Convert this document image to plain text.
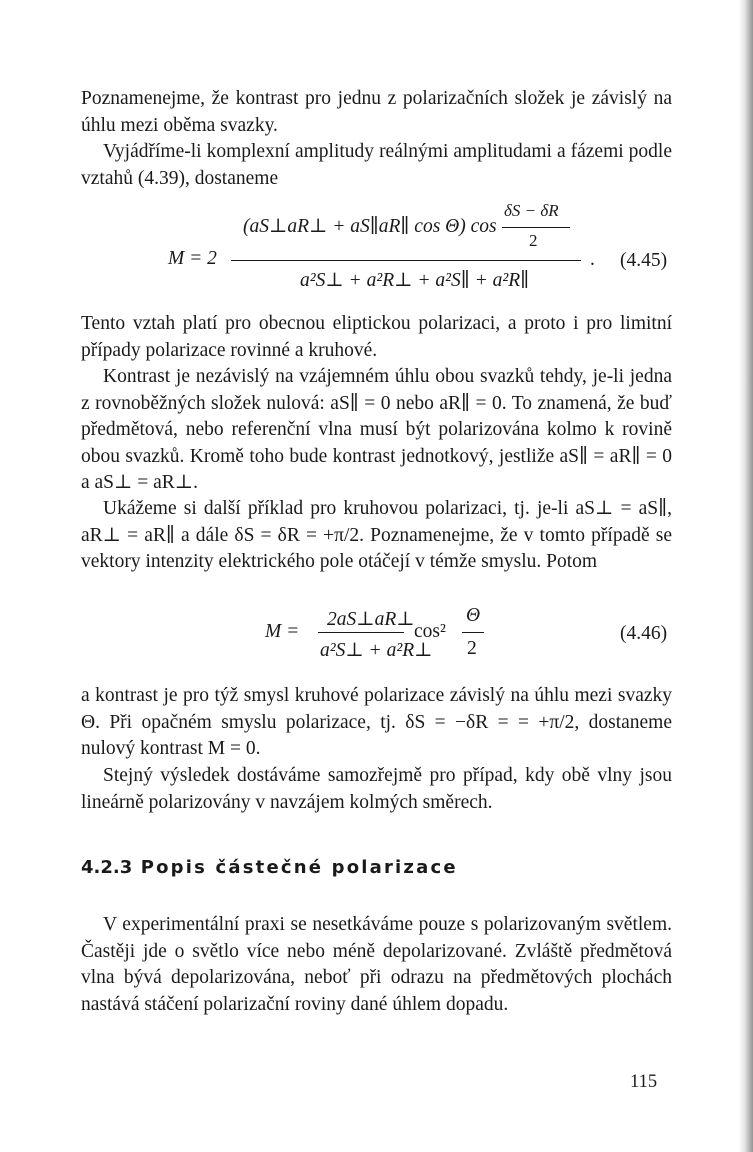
Poznamenejme, že kontrast pro jednu z polarizačních složek je závislý na úhlu mezi oběma svazky.

Vyjádříme-li komplexní amplitudy reálnými amplitudami a fázemi podle vztahů (4.39), dostaneme

M = 2
(aS⊥aR⊥ + aS∥aR∥ cos Θ) cos
δS − δR
2
a²S⊥ + a²R⊥ + a²S∥ + a²R∥
. (4.45)

Tento vztah platí pro obecnou eliptickou polarizaci, a proto i pro limitní případy polarizace rovinné a kruhové.

Kontrast je nezávislý na vzájemném úhlu obou svazků tehdy, je-li jedna z rovnoběžných složek nulová: aS∥ = 0 nebo aR∥ = 0. To znamená, že buď předmětová, nebo referenční vlna musí být polarizována kolmo k rovině obou svazků. Kromě toho bude kontrast jednotkový, jestliže aS∥ = aR∥ = 0 a aS⊥ = aR⊥.

Ukážeme si další příklad pro kruhovou polarizaci, tj. je-li aS⊥ = aS∥, aR⊥ = aR∥ a dále δS = δR = +π/2. Poznamenejme, že v tomto případě se vektory intenzity elektrického pole otáčejí v témže smyslu. Potom

M =
2aS⊥aR⊥
a²S⊥ + a²R⊥
cos²
Θ
2
(4.46)

a kontrast je pro týž smysl kruhové polarizace závislý na úhlu mezi svazky Θ. Při opačném smyslu polarizace, tj. δS = −δR = = +π/2, dostaneme nulový kontrast M = 0.

Stejný výsledek dostáváme samozřejmě pro případ, kdy obě vlny jsou lineárně polarizovány v navzájem kolmých směrech.

4.2.3 Popis částečné polarizace

V experimentální praxi se nesetkáváme pouze s polarizovaným světlem. Častěji jde o světlo více nebo méně depolarizované. Zvláště předmětová vlna bývá depolarizována, neboť při odrazu na předmětových plochách nastává stáčení polarizační roviny dané úhlem dopadu.

115
